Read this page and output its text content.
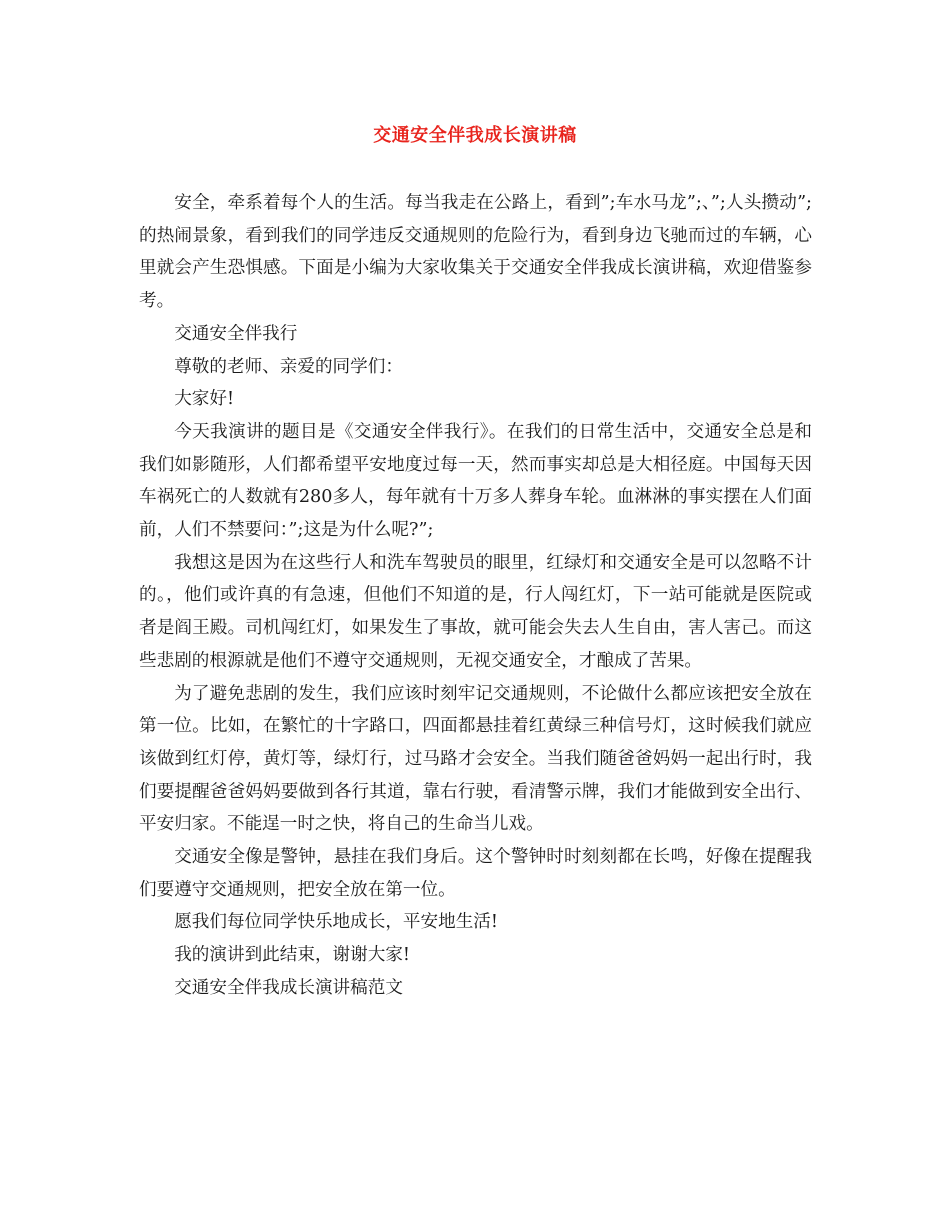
交通安全伴我成长演讲稿

安全，牵系着每个人的生活。每当我走在公路上，看到”;车水马龙”;、”;人头攒动”;的热闹景象，看到我们的同学违反交通规则的危险行为，看到身边飞驰而过的车辆，心里就会产生恐惧感。下面是小编为大家收集关于交通安全伴我成长演讲稿，欢迎借鉴参考。

交通安全伴我行

尊敬的老师、亲爱的同学们：

大家好!

今天我演讲的题目是《交通安全伴我行》。在我们的日常生活中，交通安全总是和我们如影随形，人们都希望平安地度过每一天，然而事实却总是大相径庭。中国每天因车祸死亡的人数就有280多人，每年就有十万多人葬身车轮。血淋淋的事实摆在人们面前，人们不禁要问：”;这是为什么呢?”;

我想这是因为在这些行人和洗车驾驶员的眼里，红绿灯和交通安全是可以忽略不计的。，他们或许真的有急速，但他们不知道的是，行人闯红灯，下一站可能就是医院或者是阎王殿。司机闯红灯，如果发生了事故，就可能会失去人生自由，害人害己。而这些悲剧的根源就是他们不遵守交通规则，无视交通安全，才酿成了苦果。

为了避免悲剧的发生，我们应该时刻牢记交通规则，不论做什么都应该把安全放在第一位。比如，在繁忙的十字路口，四面都悬挂着红黄绿三种信号灯，这时候我们就应该做到红灯停，黄灯等，绿灯行，过马路才会安全。当我们随爸爸妈妈一起出行时，我们要提醒爸爸妈妈要做到各行其道，靠右行驶，看清警示牌，我们才能做到安全出行、平安归家。不能逞一时之快，将自己的生命当儿戏。

交通安全像是警钟，悬挂在我们身后。这个警钟时时刻刻都在长鸣，好像在提醒我们要遵守交通规则，把安全放在第一位。

愿我们每位同学快乐地成长，平安地生活!

我的演讲到此结束，谢谢大家!

交通安全伴我成长演讲稿范文
